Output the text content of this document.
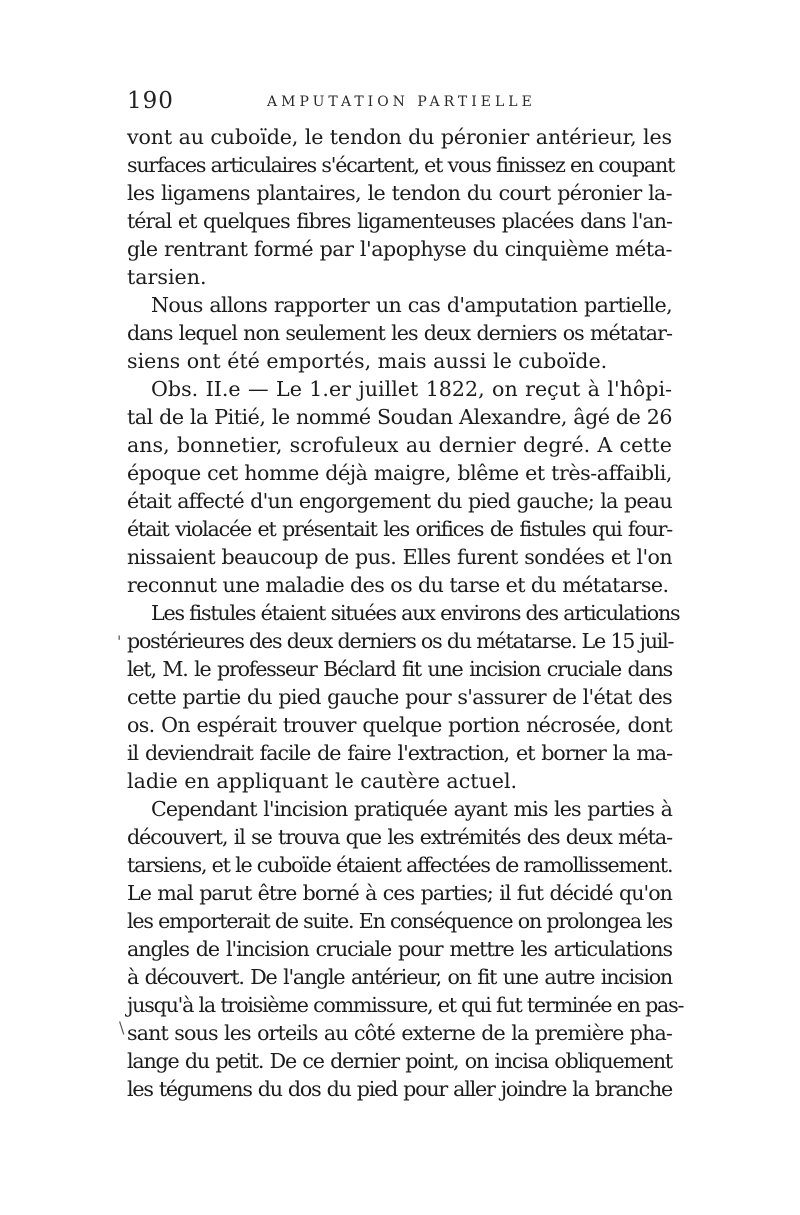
190	AMPUTATION PARTIELLE
vont au cuboïde, le tendon du péronier antérieur, les
surfaces articulaires s'écartent, et vous finissez en coupant
les ligamens plantaires, le tendon du court péronier la-
téral et quelques fibres ligamenteuses placées dans l'an-
gle rentrant formé par l'apophyse du cinquième méta-
tarsien.
Nous allons rapporter un cas d'amputation partielle,
dans lequel non seulement les deux derniers os métatar-
siens ont été emportés, mais aussi le cuboïde.
Obs. II.e — Le 1.er juillet 1822, on reçut à l'hôpi-
tal de la Pitié, le nommé Soudan Alexandre, âgé de 26
ans, bonnetier, scrofuleux au dernier degré. A cette
époque cet homme déjà maigre, blême et très-affaibli,
était affecté d'un engorgement du pied gauche; la peau
était violacée et présentait les orifices de fistules qui four-
nissaient beaucoup de pus. Elles furent sondées et l'on
reconnut une maladie des os du tarse et du métatarse.
Les fistules étaient situées aux environs des articulations
postérieures des deux derniers os du métatarse. Le 15 juil-
let, M. le professeur Béclard fit une incision cruciale dans
cette partie du pied gauche pour s'assurer de l'état des
os. On espérait trouver quelque portion nécrosée, dont
il deviendrait facile de faire l'extraction, et borner la ma-
ladie en appliquant le cautère actuel.
Cependant l'incision pratiquée ayant mis les parties à
découvert, il se trouva que les extrémités des deux méta-
tarsiens, et le cuboïde étaient affectées de ramollissement.
Le mal parut être borné à ces parties; il fut décidé qu'on
les emporterait de suite. En conséquence on prolongea les
angles de l'incision cruciale pour mettre les articulations
à découvert. De l'angle antérieur, on fit une autre incision
jusqu'à la troisième commissure, et qui fut terminée en pas-
sant sous les orteils au côté externe de la première pha-
lange du petit. De ce dernier point, on incisa obliquement
les tégumens du dos du pied pour aller joindre la branche
'
\
